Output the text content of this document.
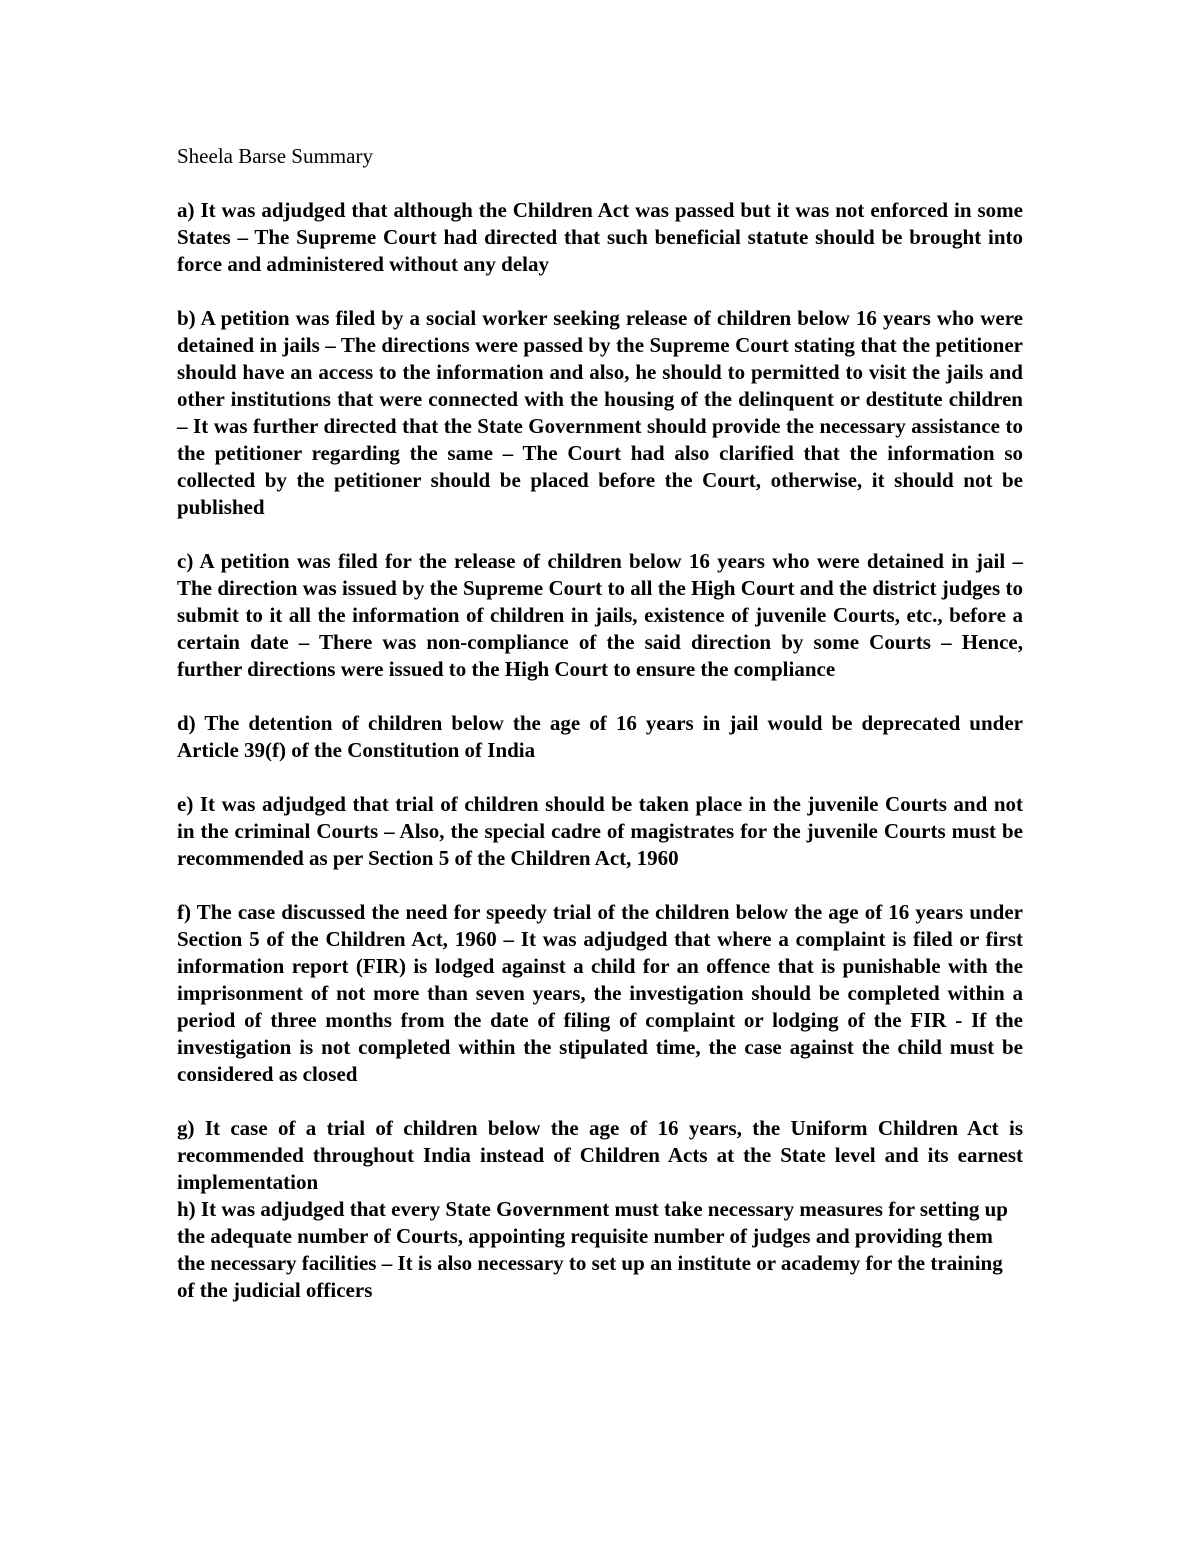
Sheela Barse Summary

a) It was adjudged that although the Children Act was passed but it was not enforced in some States – The Supreme Court had directed that such beneficial statute should be brought into force and administered without any delay

b) A petition was filed by a social worker seeking release of children below 16 years who were detained in jails – The directions were passed by the Supreme Court stating that the petitioner should have an access to the information and also, he should to permitted to visit the jails and other institutions that were connected with the housing of the delinquent or destitute children – It was further directed that the State Government should provide the necessary assistance to the petitioner regarding the same – The Court had also clarified that the information so collected by the petitioner should be placed before the Court, otherwise, it should not be published

c) A petition was filed for the release of children below 16 years who were detained in jail – The direction was issued by the Supreme Court to all the High Court and the district judges to submit to it all the information of children in jails, existence of juvenile Courts, etc., before a certain date – There was non-compliance of the said direction by some Courts – Hence, further directions were issued to the High Court to ensure the compliance

d) The detention of children below the age of 16 years in jail would be deprecated under Article 39(f) of the Constitution of India

e) It was adjudged that trial of children should be taken place in the juvenile Courts and not in the criminal Courts – Also, the special cadre of magistrates for the juvenile Courts must be recommended as per Section 5 of the Children Act, 1960

f) The case discussed the need for speedy trial of the children below the age of 16 years under Section 5 of the Children Act, 1960 – It was adjudged that where a complaint is filed or first information report (FIR) is lodged against a child for an offence that is punishable with the imprisonment of not more than seven years, the investigation should be completed within a period of three months from the date of filing of complaint or lodging of the FIR - If the investigation is not completed within the stipulated time, the case against the child must be considered as closed

g) It case of a trial of children below the age of 16 years, the Uniform Children Act is recommended throughout India instead of Children Acts at the State level and its earnest implementation

h) It was adjudged that every State Government must take necessary measures for setting up the adequate number of Courts, appointing requisite number of judges and providing them the necessary facilities – It is also necessary to set up an institute or academy for the training of the judicial officers
